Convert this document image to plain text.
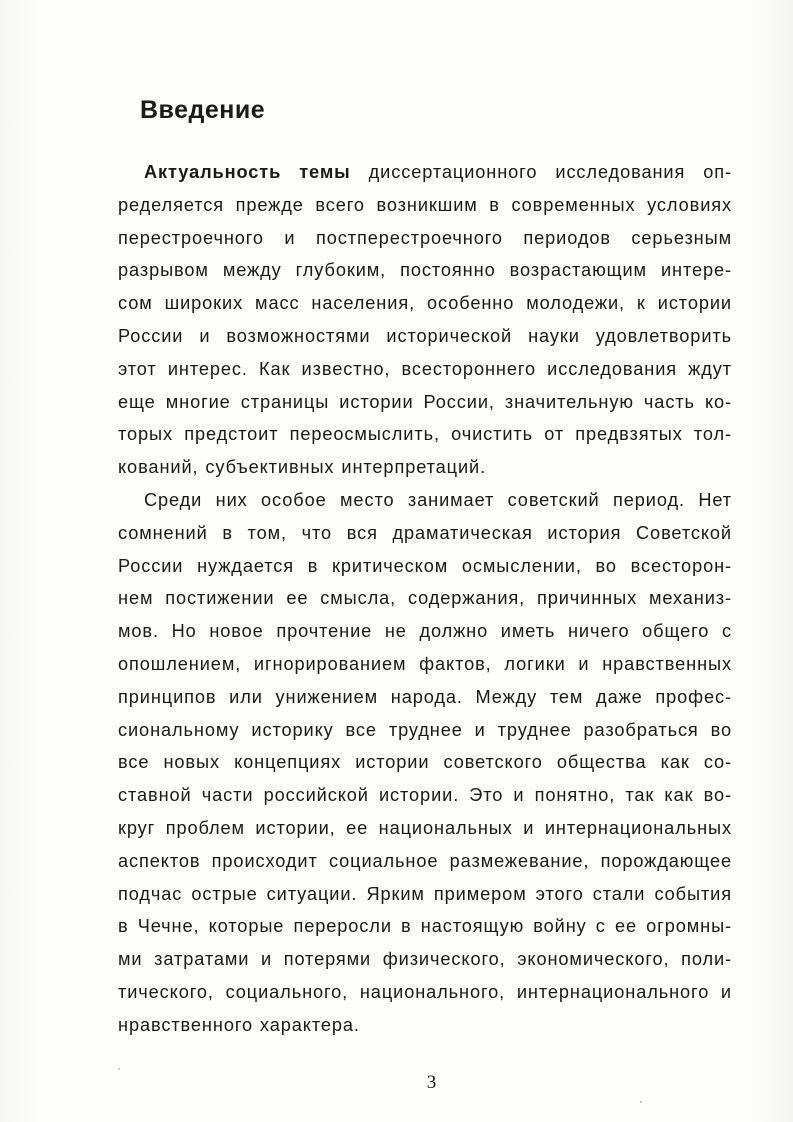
Введение
Актуальность темы диссертационного исследования оп-
ределяется прежде всего возникшим в современных условиях
перестроечного и постперестроечного периодов серьезным
разрывом между глубоким, постоянно возрастающим интере-
сом широких масс населения, особенно молодежи, к истории
России и возможностями исторической науки удовлетворить
этот интерес. Как известно, всестороннего исследования ждут
еще многие страницы истории России, значительную часть ко-
торых предстоит переосмыслить, очистить от предвзятых тол-
кований, субъективных интерпретаций.
Среди них особое место занимает советский период. Нет
сомнений в том, что вся драматическая история Советской
России нуждается в критическом осмыслении, во всесторон-
нем постижении ее смысла, содержания, причинных механиз-
мов. Но новое прочтение не должно иметь ничего общего с
опошлением, игнорированием фактов, логики и нравственных
принципов или унижением народа. Между тем даже профес-
сиональному историку все труднее и труднее разобраться во
все новых концепциях истории советского общества как со-
ставной части российской истории. Это и понятно, так как во-
круг проблем истории, ее национальных и интернациональных
аспектов происходит социальное размежевание, порождающее
подчас острые ситуации. Ярким примером этого стали события
в Чечне, которые переросли в настоящую войну с ее огромны-
ми затратами и потерями физического, экономического, поли-
тического, социального, национального, интернационального и
нравственного характера.
3
